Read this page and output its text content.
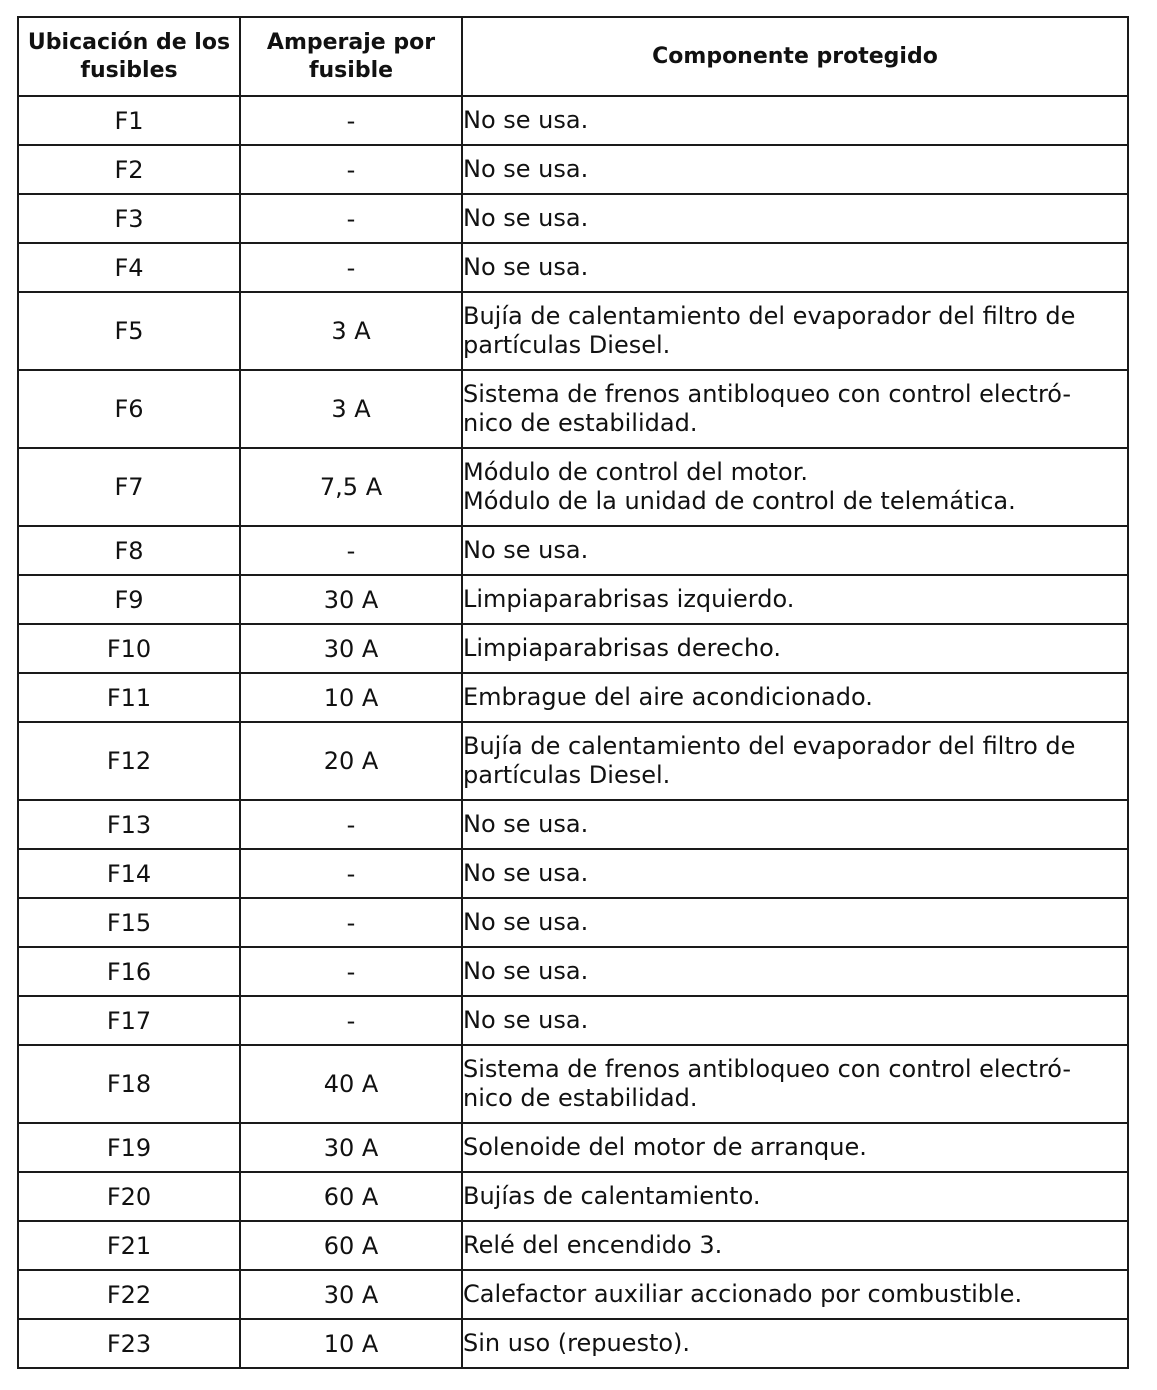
Ubicación de los fusibles	Amperaje por fusible	Componente protegido
F1	-	No se usa.

F2	-	No se usa.

F3	-	No se usa.

F4	-	No se usa.

F5	3 A	Bujía de calentamiento del evaporador del filtro de
partículas Diesel.

F6	3 A	Sistema de frenos antibloqueo con control electró-
nico de estabilidad.

F7	7,5 A	Módulo de control del motor.
Módulo de la unidad de control de telemática.

F8	-	No se usa.

F9	30 A	Limpiaparabrisas izquierdo.

F10	30 A	Limpiaparabrisas derecho.

F11	10 A	Embrague del aire acondicionado.

F12	20 A	Bujía de calentamiento del evaporador del filtro de
partículas Diesel.

F13	-	No se usa.

F14	-	No se usa.

F15	-	No se usa.

F16	-	No se usa.

F17	-	No se usa.

F18	40 A	Sistema de frenos antibloqueo con control electró-
nico de estabilidad.

F19	30 A	Solenoide del motor de arranque.

F20	60 A	Bujías de calentamiento.

F21	60 A	Relé del encendido 3.

F22	30 A	Calefactor auxiliar accionado por combustible.

F23	10 A	Sin uso (repuesto).
